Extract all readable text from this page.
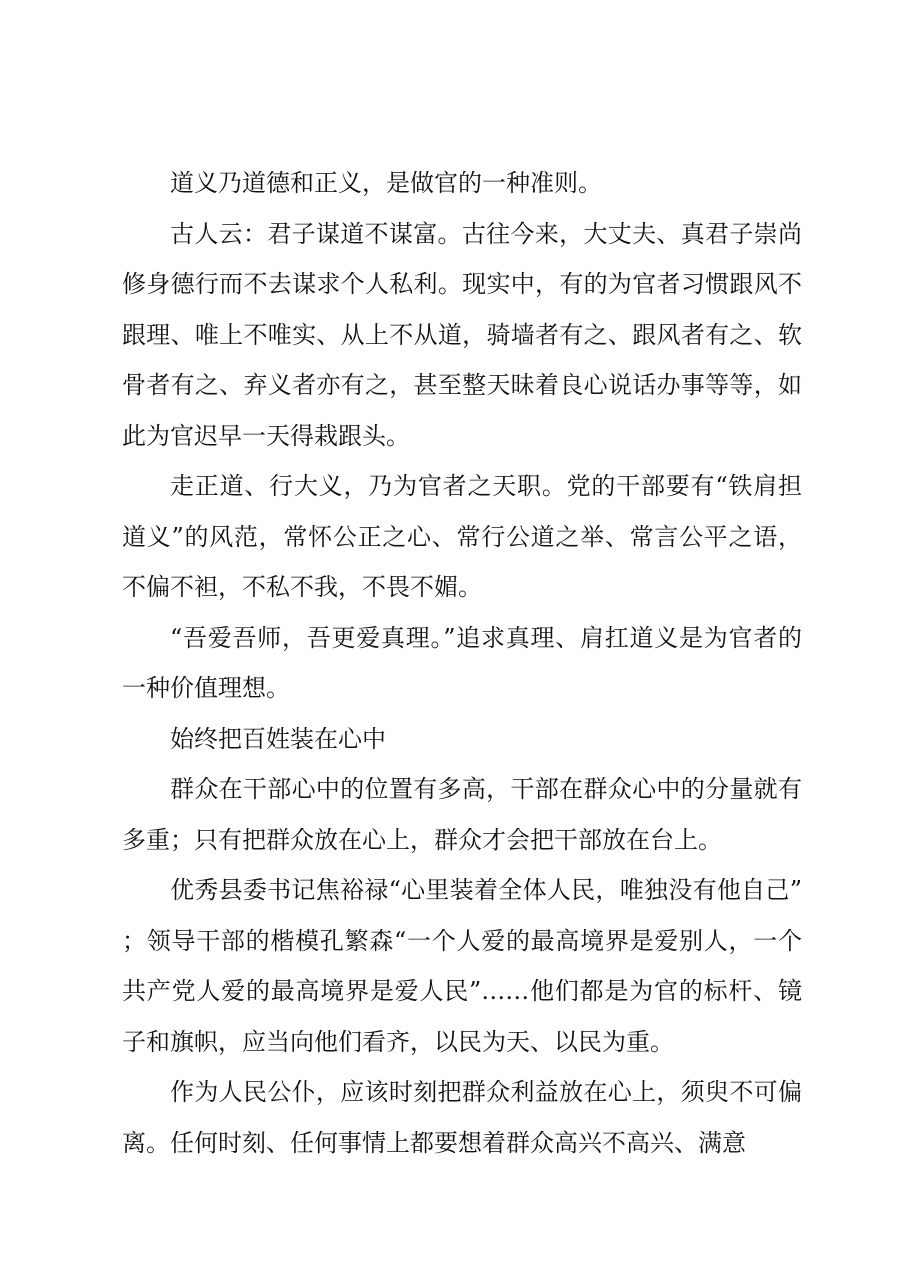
道义乃道德和正义，是做官的一种准则。

古人云：君子谋道不谋富。古往今来，大丈夫、真君子崇尚修身德行而不去谋求个人私利。现实中，有的为官者习惯跟风不跟理、唯上不唯实、从上不从道，骑墙者有之、跟风者有之、软骨者有之、弃义者亦有之，甚至整天昧着良心说话办事等等，如此为官迟早一天得栽跟头。

走正道、行大义，乃为官者之天职。党的干部要有“铁肩担道义”的风范，常怀公正之心、常行公道之举、常言公平之语，不偏不袒，不私不我，不畏不媚。

“吾爱吾师，吾更爱真理。”追求真理、肩扛道义是为官者的一种价值理想。

始终把百姓装在心中

群众在干部心中的位置有多高，干部在群众心中的分量就有多重；只有把群众放在心上，群众才会把干部放在台上。

优秀县委书记焦裕禄“心里装着全体人民，唯独没有他自己”；领导干部的楷模孔繁森“一个人爱的最高境界是爱别人，一个共产党人爱的最高境界是爱人民”……他们都是为官的标杆、镜子和旗帜，应当向他们看齐，以民为天、以民为重。

作为人民公仆，应该时刻把群众利益放在心上，须臾不可偏离。任何时刻、任何事情上都要想着群众高兴不高兴、满意
